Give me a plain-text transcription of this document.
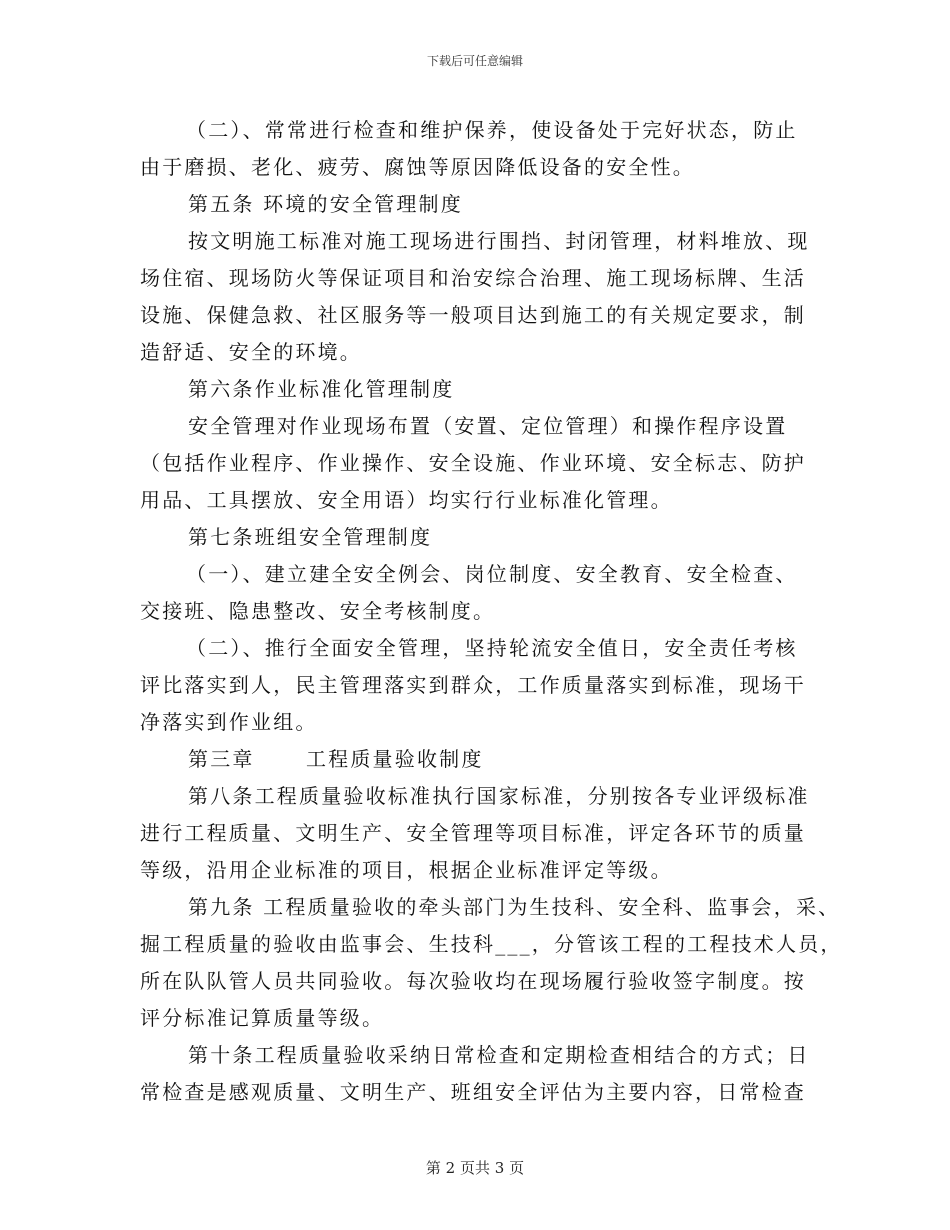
下载后可任意编辑
（二）、常常进行检查和维护保养，使设备处于完好状态，防止
由于磨损、老化、疲劳、腐蚀等原因降低设备的安全性。
第五条 环境的安全管理制度
按文明施工标准对施工现场进行围挡、封闭管理，材料堆放、现
场住宿、现场防火等保证项目和治安综合治理、施工现场标牌、生活
设施、保健急救、社区服务等一般项目达到施工的有关规定要求，制
造舒适、安全的环境。
第六条作业标准化管理制度
安全管理对作业现场布置（安置、定位管理）和操作程序设置
（包括作业程序、作业操作、安全设施、作业环境、安全标志、防护
用品、工具摆放、安全用语）均实行行业标准化管理。
第七条班组安全管理制度
（一）、建立建全安全例会、岗位制度、安全教育、安全检查、
交接班、隐患整改、安全考核制度。
（二）、推行全面安全管理，坚持轮流安全值日，安全责任考核
评比落实到人，民主管理落实到群众，工作质量落实到标准，现场干
净落实到作业组。
第三章      工程质量验收制度
第八条工程质量验收标准执行国家标准，分别按各专业评级标准
进行工程质量、文明生产、安全管理等项目标准，评定各环节的质量
等级，沿用企业标准的项目，根据企业标准评定等级。
第九条 工程质量验收的牵头部门为生技科、安全科、监事会，采、
掘工程质量的验收由监事会、生技科___，分管该工程的工程技术人员，
所在队队管人员共同验收。每次验收均在现场履行验收签字制度。按
评分标准记算质量等级。
第十条工程质量验收采纳日常检查和定期检查相结合的方式；日
常检查是感观质量、文明生产、班组安全评估为主要内容，日常检查
第 2 页共 3 页
